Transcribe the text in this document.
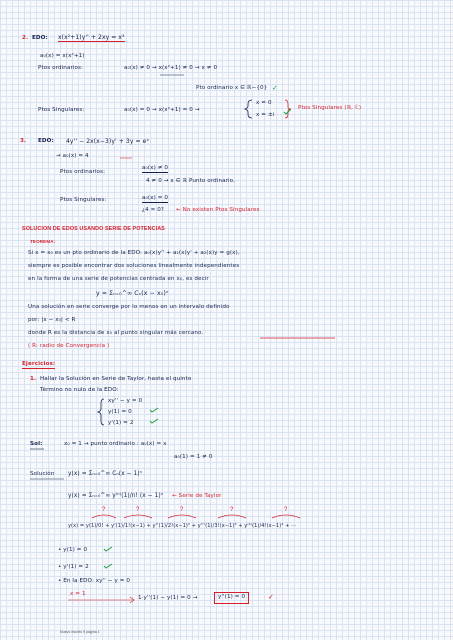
2. EDO: x(x²+1)y'' + 2xy = x³
a₀(x) = x(x²+1)
Ptos ordinarios:	a₀(x) ≠ 0 → x(x²+1) ≠ 0 → x ≠ 0
Pto ordinario x ∈ ℝ−{0} ✓
Ptos Singulares:	a₀(x) = 0 → x(x²+1) = 0 →
x = 0
x = ±i
Ptos Singulares (ℝ, ℂ)
3. EDO: 4y'' − 2x(x−3)y' + 3y = eˣ
→ a₀(x) = 4
Ptos ordinarios:
a₀(x) ≠ 0
4 ≠ 0 → x ∈ ℝ Punto ordinario.
Ptos Singulares:	a₀(x) = 0
¿4 = 0? ← No existen Ptos Singulares
SOLUCION DE EDOS USANDO SERIE DE POTENCIAS
TEOREMA:
Si x = x₀ es un pto ordinario de la EDO: a₀(x)y'' + a₁(x)y' + a₂(x)y = g(x),
siempre es posible encontrar dos soluciones linealmente independientes
en la forma de una serie de potencias centrada en x₀, es decir
y = Σₙ₌₀^∞ Cₙ(x − x₀)ⁿ
Una solución en serie converge por lo menos en un intervalo definido
por: |x − x₀| < R
donde R es la distancia de x₀ al punto singular más cercano.
( R: radio de Convergencia )
Ejercicios:
1. Hallar la Solución en Serie de Taylor, hasta el quinto
Término no nulo de la EDO:
xy'' − y = 0
y(1) = 0
y'(1) = 2
Sol:	x₀ = 1 → punto ordinario : a₀(x) = x
a₀(1) = 1 ≠ 0
Solución y(x) = Σₙ₌₀^∞ Cₙ(x − 1)ⁿ
y(x) = Σₙ₌₀^∞ y⁽ⁿ⁾(1)/n! (x − 1)ⁿ ← Serie de Taylor
y(x) = y(1)/0! + y'(1)/1!(x−1) + y''(1)/2!(x−1)² + y'''(1)/3!(x−1)³ + y⁽⁴⁾(1)/4!(x−1)⁴ + ···
• y(1) = 0
• y'(1) = 2
• En la EDO: xy'' − y = 0
x = 1
1·y''(1) − y(1) = 0 →	y''(1) = 0	✓
?	?	?	?	?
Nuevo escrito 9 pagina 1
